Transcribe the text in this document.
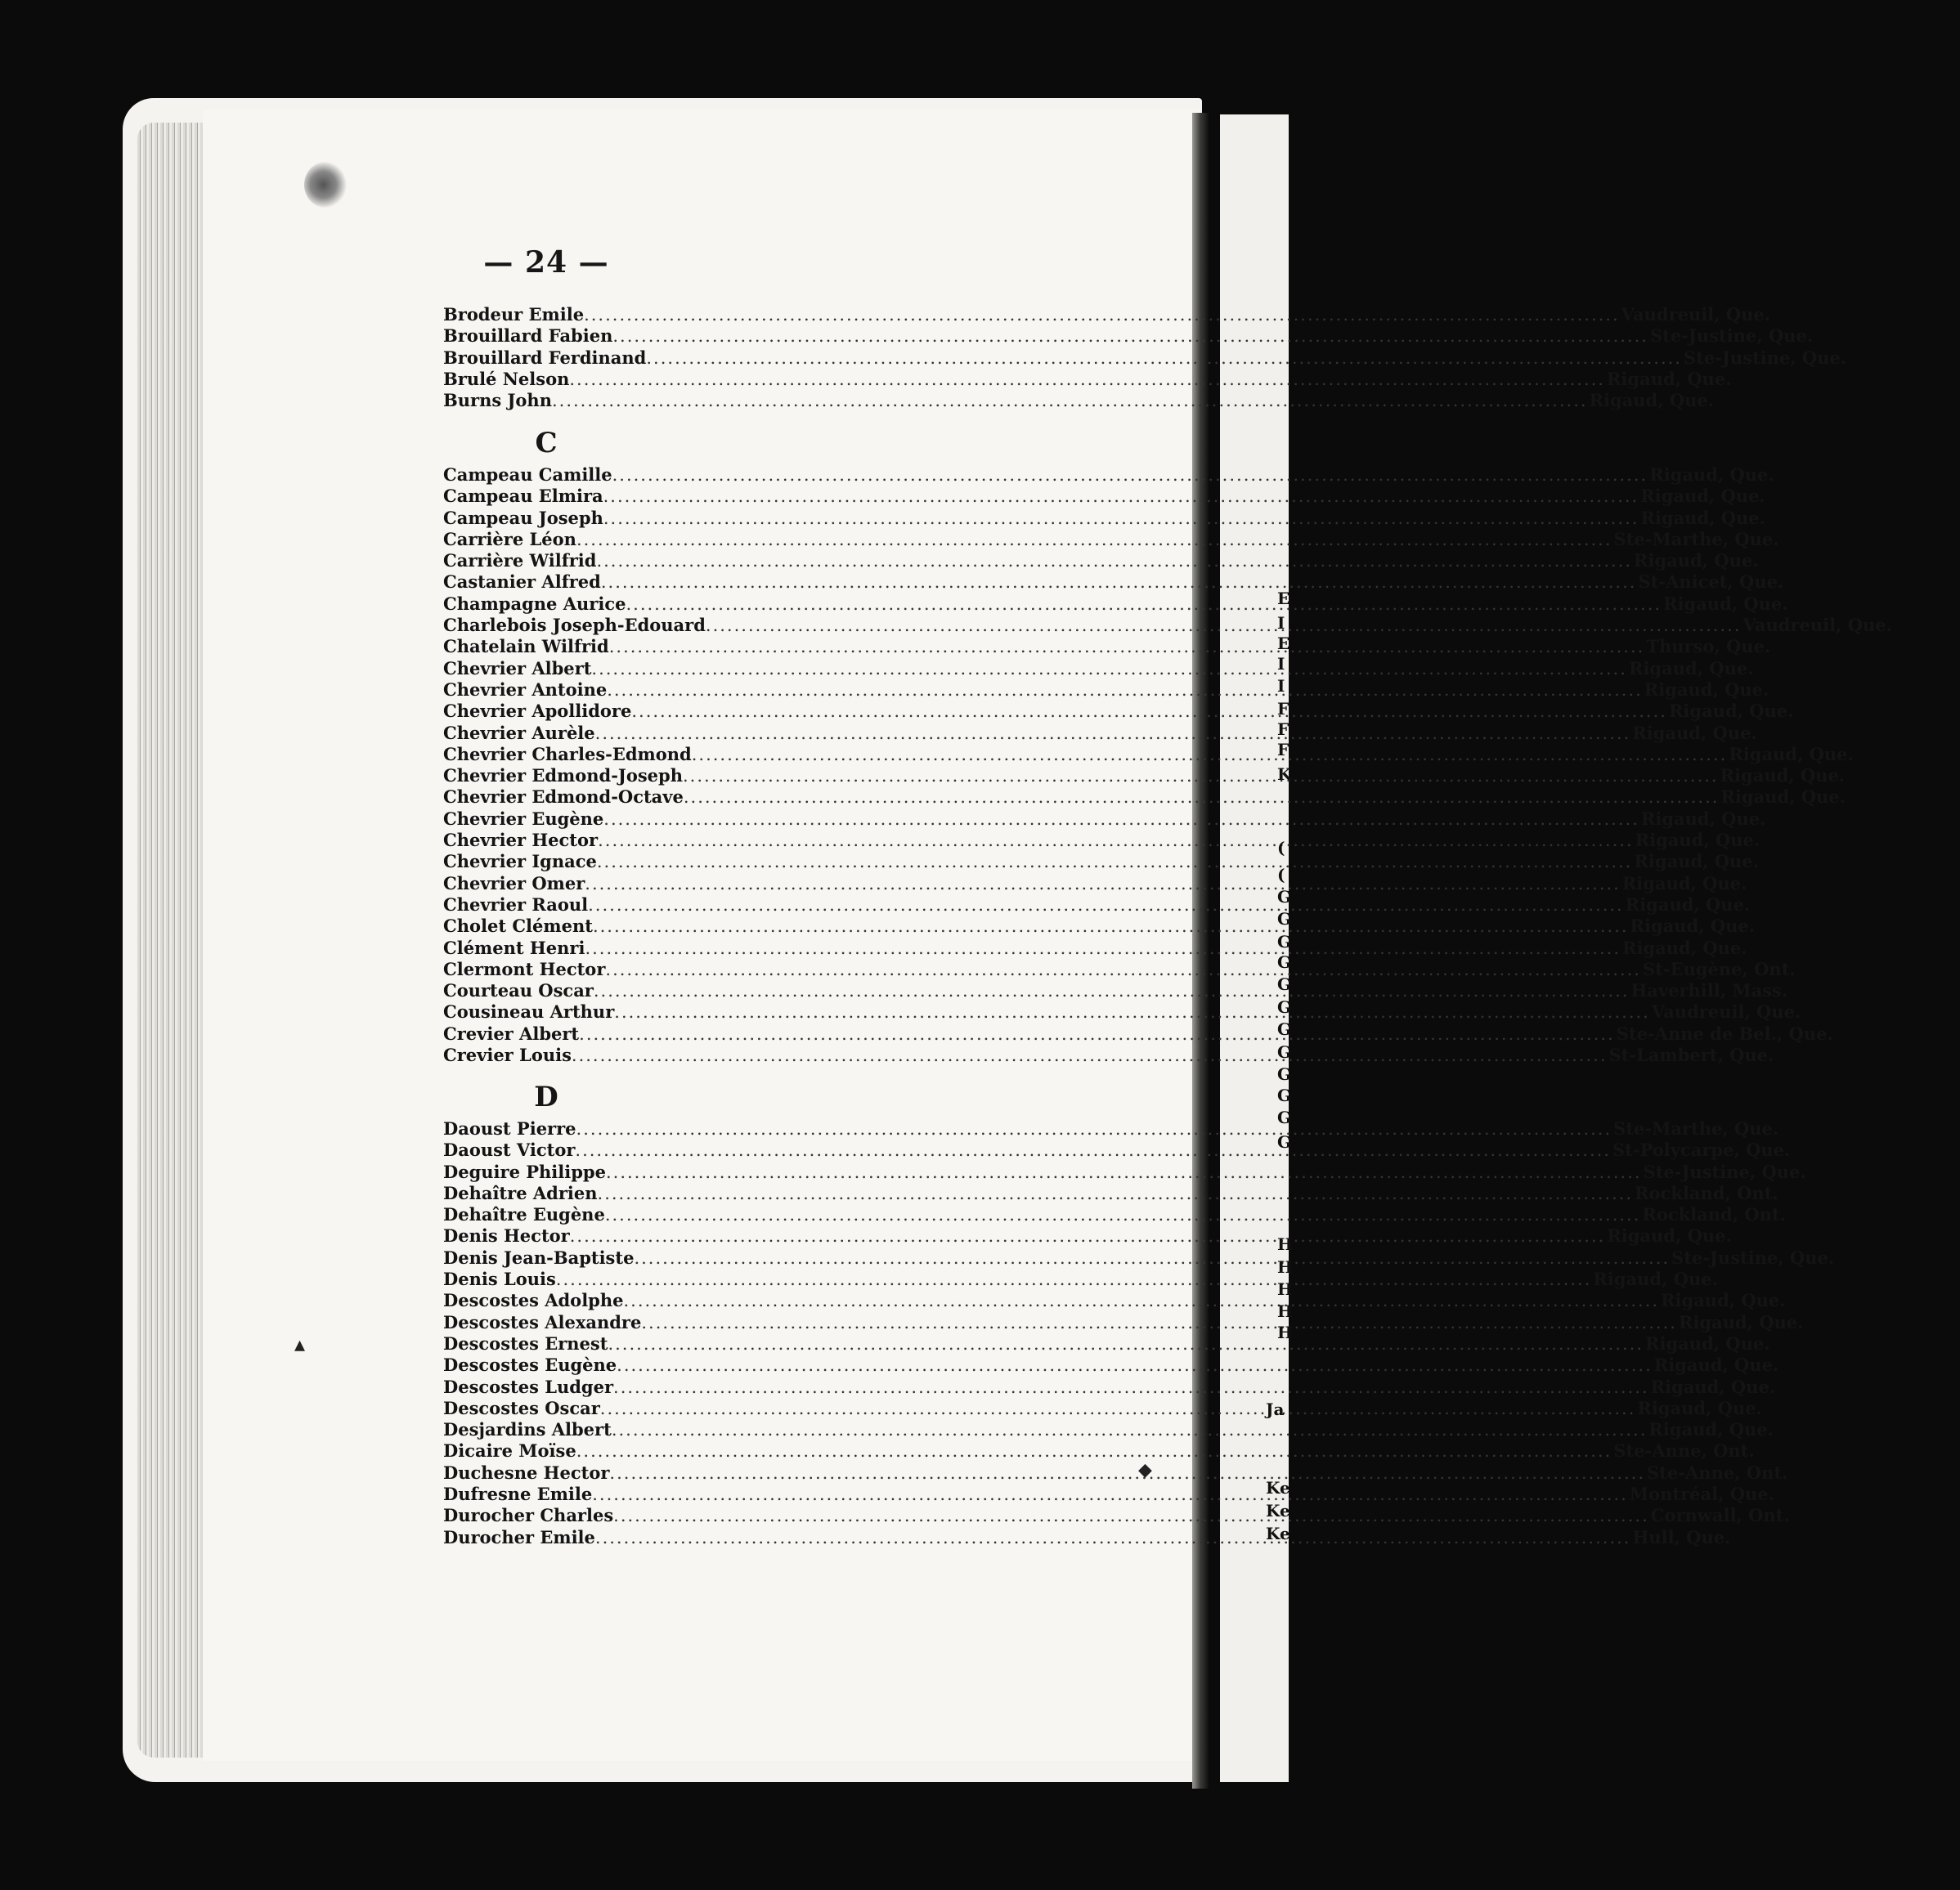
— 24 —
Brodeur Emile .....	Vaudreuil, Que.
Brouillard Fabien .....	Ste-Justine, Que.
Brouillard Ferdinand .....	Ste-Justine, Que.
Brulé Nelson .....	Rigaud, Que.
Burns John .....	Rigaud, Que.
C
Campeau Camille .....	Rigaud, Que.
Campeau Elmira .....	Rigaud, Que.
Campeau Joseph .....	Rigaud, Que.
Carrière Léon .....	Ste-Marthe, Que.
Carrière Wilfrid .....	Rigaud, Que.
Castanier Alfred .....	St-Anicet, Que.
Champagne Aurice .....	Rigaud, Que.
Charlebois Joseph-Edouard .....	Vaudreuil, Que.
Chatelain Wilfrid .....	Thurso, Que.
Chevrier Albert .....	Rigaud, Que.
Chevrier Antoine .....	Rigaud, Que.
Chevrier Apollidore .....	Rigaud, Que.
Chevrier Aurèle .....	Rigaud, Que.
Chevrier Charles-Edmond .....	Rigaud, Que.
Chevrier Edmond-Joseph .....	Rigaud, Que.
Chevrier Edmond-Octave .....	Rigaud, Que.
Chevrier Eugène .....	Rigaud, Que.
Chevrier Hector .....	Rigaud, Que.
Chevrier Ignace .....	Rigaud, Que.
Chevrier Omer .....	Rigaud, Que.
Chevrier Raoul .....	Rigaud, Que.
Cholet Clément .....	Rigaud, Que.
Clément Henri .....	Rigaud, Que.
Clermont Hector .....	St-Eugène, Ont.
Courteau Oscar .....	Haverhill, Mass.
Cousineau Arthur .....	Vaudreuil, Que.
Crevier Albert .....	Ste-Anne de Bel., Que.
Crevier Louis .....	St-Lambert, Que.
D
Daoust Pierre .....	Ste-Marthe, Que.
Daoust Victor .....	St-Polycarpe, Que.
Deguire Philippe .....	Ste-Justine, Que.
Dehaître Adrien .....	Rockland, Ont.
Dehaître Eugène .....	Rockland, Ont.
Denis Hector .....	Rigaud, Que.
Denis Jean-Baptiste .....	Ste-Justine, Que.
Denis Louis .....	Rigaud, Que.
Descostes Adolphe .....	Rigaud, Que.
Descostes Alexandre .....	Rigaud, Que.
Descostes Ernest .....	Rigaud, Que.
Descostes Eugène .....	Rigaud, Que.
Descostes Ludger .....	Rigaud, Que.
Descostes Oscar .....	Rigaud, Que.
Desjardins Albert .....	Rigaud, Que.
Dicaire Moïse .....	Ste-Anne, Ont.
Duchesne Hector .....	Ste-Anne, Ont.
Dufresne Emile .....	Montréal, Que.
Durocher Charles .....	Cornwall, Ont.
Durocher Emile .....	Hull, Que.
E
I
E
I
I
F
F
F
K
(
(
G
G
G
G
G
G
G
G
G
G
G
G
H
H
H
H
H
Ja
Ke
Ke
Ke
▴
◆
